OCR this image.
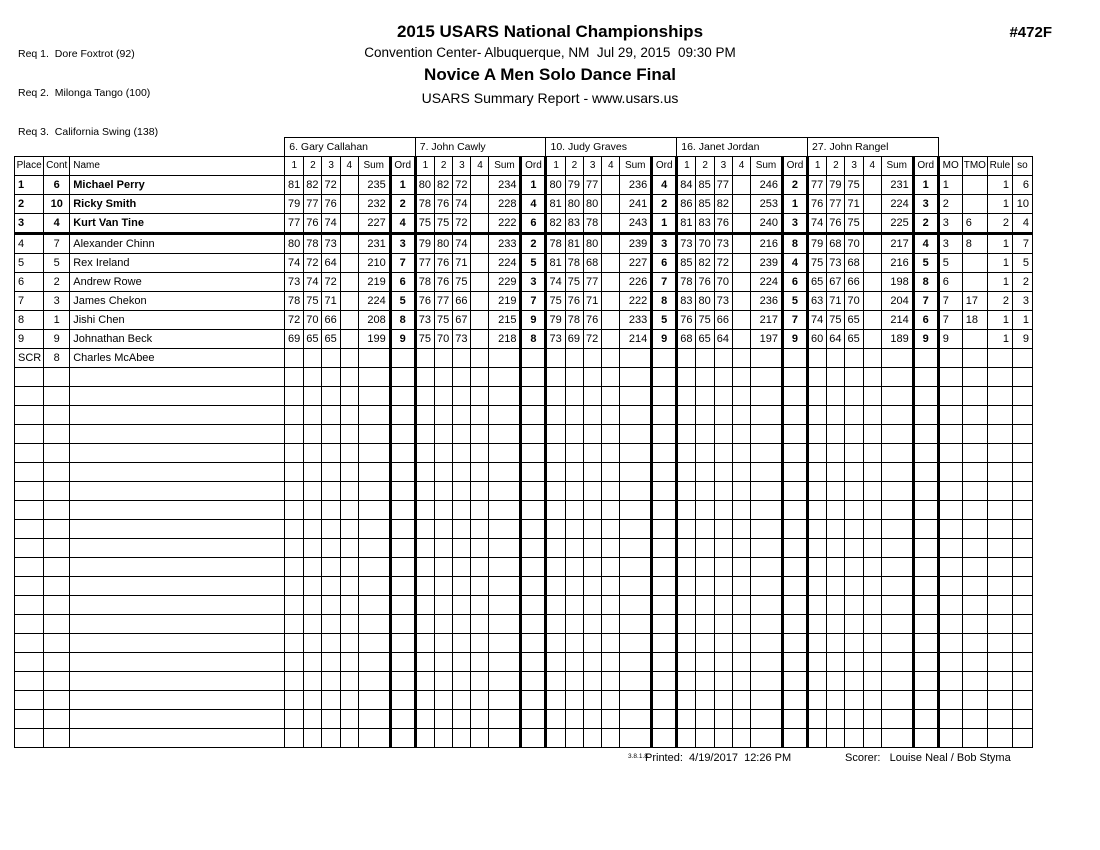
Req 1.  Dore Foxtrot (92)

Req 2.  Milonga Tango (100)

Req 3.  California Swing (138)

2015 USARS National Championships
Convention Center- Albuquerque, NM  Jul 29, 2015  09:30 PM
Novice A Men Solo Dance Final
USARS Summary Report - www.usars.us
#472F
			6. Gary Callahan						7. John Cawly						10. Judy Graves						16. Janet Jordan						27. John Rangel									
Place	Cont	Name	1	2	3	4	Sum	Ord	1	2	3	4	Sum	Ord	1	2	3	4	Sum	Ord	1	2	3	4	Sum	Ord	1	2	3	4	Sum	Ord	MO	TMO	Rule	so
1	6	Michael Perry	81	82	72		235	1	80	82	72		234	1	80	79	77		236	4	84	85	77		246	2	77	79	75		231	1	1		1	6
2	10	Ricky Smith	79	77	76		232	2	78	76	74		228	4	81	80	80		241	2	86	85	82		253	1	76	77	71		224	3	2		1	10
3	4	Kurt Van Tine	77	76	74		227	4	75	75	72		222	6	82	83	78		243	1	81	83	76		240	3	74	76	75		225	2	3	6	2	4
4	7	Alexander Chinn	80	78	73		231	3	79	80	74		233	2	78	81	80		239	3	73	70	73		216	8	79	68	70		217	4	3	8	1	7
5	5	Rex Ireland	74	72	64		210	7	77	76	71		224	5	81	78	68		227	6	85	82	72		239	4	75	73	68		216	5	5		1	5
6	2	Andrew Rowe	73	74	72		219	6	78	76	75		229	3	74	75	77		226	7	78	76	70		224	6	65	67	66		198	8	6		1	2
7	3	James Chekon	78	75	71		224	5	76	77	66		219	7	75	76	71		222	8	83	80	73		236	5	63	71	70		204	7	7	17	2	3
8	1	Jishi Chen	72	70	66		208	8	73	75	67		215	9	79	78	76		233	5	76	75	66		217	7	74	75	65		214	6	7	18	1	1
9	9	Johnathan Beck	69	65	65		199	9	75	70	73		218	8	73	69	72		214	9	68	65	64		197	9	60	64	65		189	9	9		1	9
SCR	8	Charles McAbee																																		

3.8.1.8
Printed:  4/19/2017  12:26 PM	Scorer:   Louise Neal / Bob Styma
